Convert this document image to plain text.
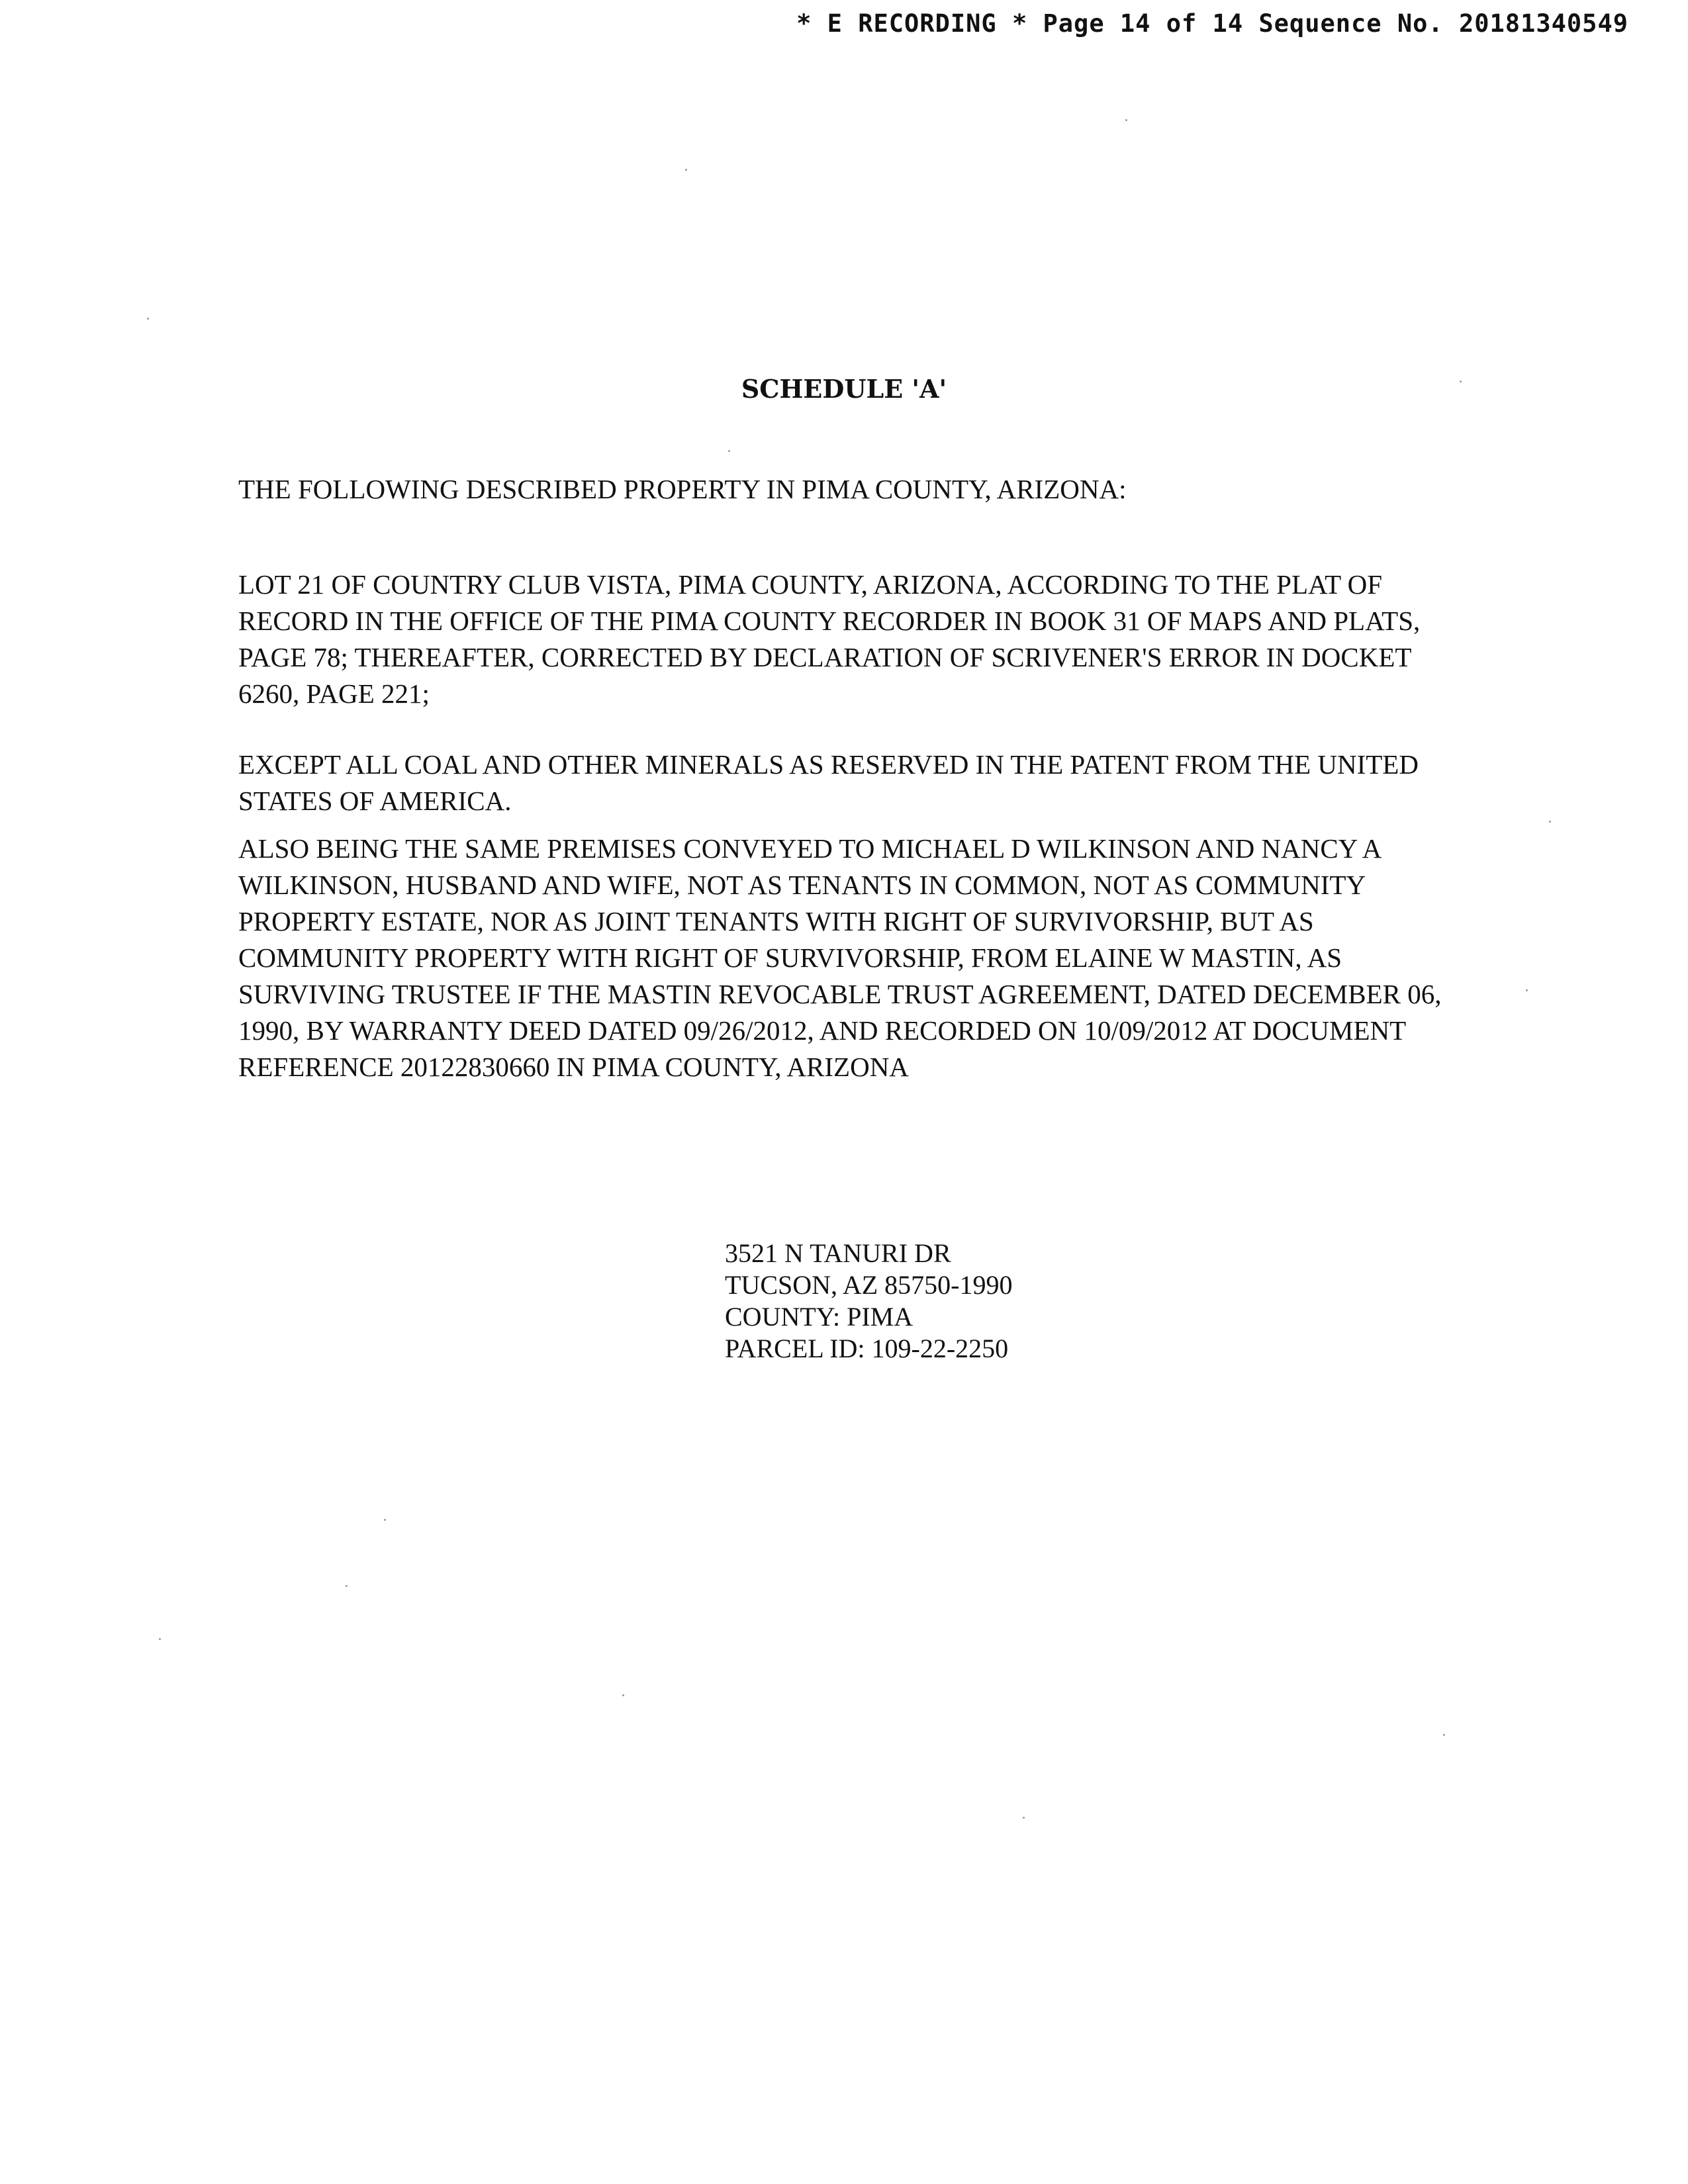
* E RECORDING * Page 14 of 14 Sequence No. 20181340549
SCHEDULE 'A'
THE FOLLOWING DESCRIBED PROPERTY IN PIMA COUNTY, ARIZONA:
LOT 21 OF COUNTRY CLUB VISTA, PIMA COUNTY, ARIZONA, ACCORDING TO THE PLAT OF
RECORD IN THE OFFICE OF THE PIMA COUNTY RECORDER IN BOOK 31 OF MAPS AND PLATS,
PAGE 78; THEREAFTER, CORRECTED BY DECLARATION OF SCRIVENER'S ERROR IN DOCKET
6260, PAGE 221;
EXCEPT ALL COAL AND OTHER MINERALS AS RESERVED IN THE PATENT FROM THE UNITED
STATES OF AMERICA.
ALSO BEING THE SAME PREMISES CONVEYED TO MICHAEL D WILKINSON AND NANCY A
WILKINSON, HUSBAND AND WIFE, NOT AS TENANTS IN COMMON, NOT AS COMMUNITY
PROPERTY ESTATE, NOR AS JOINT TENANTS WITH RIGHT OF SURVIVORSHIP, BUT AS
COMMUNITY PROPERTY WITH RIGHT OF SURVIVORSHIP, FROM ELAINE W MASTIN, AS
SURVIVING TRUSTEE IF THE MASTIN REVOCABLE TRUST AGREEMENT, DATED DECEMBER 06,
1990, BY WARRANTY DEED DATED 09/26/2012, AND RECORDED ON 10/09/2012 AT DOCUMENT
REFERENCE 20122830660 IN PIMA COUNTY, ARIZONA
3521 N TANURI DR
TUCSON, AZ 85750-1990
COUNTY: PIMA
PARCEL ID: 109-22-2250
